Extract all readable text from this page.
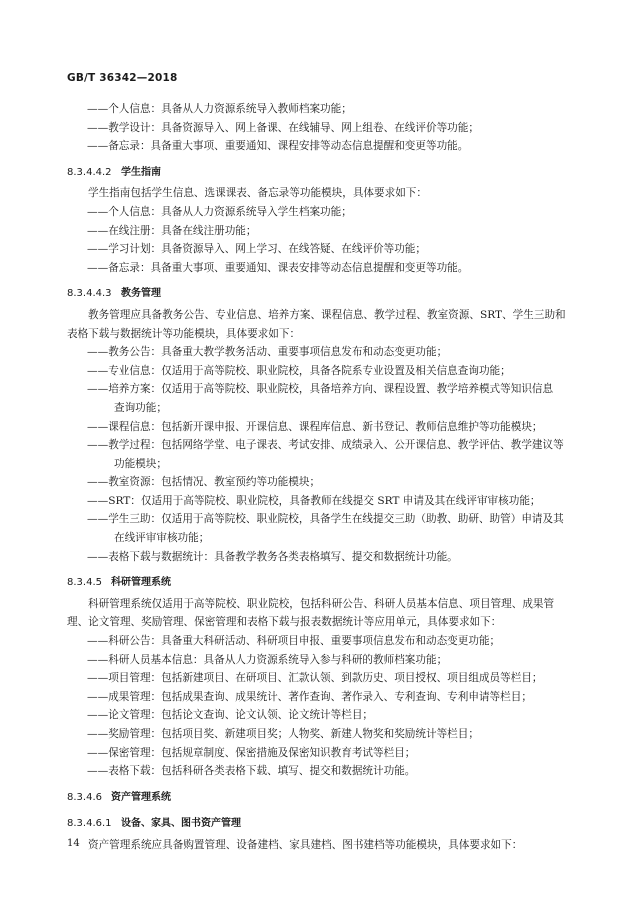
GB/T 36342—2018
——个人信息：具备从人力资源系统导入教师档案功能；
——教学设计：具备资源导入、网上备课、在线辅导、网上组卷、在线评价等功能；
——备忘录：具备重大事项、重要通知、课程安排等动态信息提醒和变更等功能。
8.3.4.4.2 学生指南
学生指南包括学生信息、选课课表、备忘录等功能模块，具体要求如下：
——个人信息：具备从人力资源系统导入学生档案功能；
——在线注册：具备在线注册功能；
——学习计划：具备资源导入、网上学习、在线答疑、在线评价等功能；
——备忘录：具备重大事项、重要通知、课表安排等动态信息提醒和变更等功能。
8.3.4.4.3 教务管理
教务管理应具备教务公告、专业信息、培养方案、课程信息、教学过程、教室资源、SRT、学生三助和
表格下载与数据统计等功能模块，具体要求如下：
——教务公告：具备重大教学教务活动、重要事项信息发布和动态变更功能；
——专业信息：仅适用于高等院校、职业院校，具备各院系专业设置及相关信息查询功能；
——培养方案：仅适用于高等院校、职业院校，具备培养方向、课程设置、教学培养模式等知识信息
查询功能；
——课程信息：包括新开课申报、开课信息、课程库信息、新书登记、教师信息维护等功能模块；
——教学过程：包括网络学堂、电子课表、考试安排、成绩录入、公开课信息、教学评估、教学建议等
功能模块；
——教室资源：包括情况、教室预约等功能模块；
——SRT：仅适用于高等院校、职业院校，具备教师在线提交 SRT 申请及其在线评审审核功能；
——学生三助：仅适用于高等院校、职业院校，具备学生在线提交三助（助教、助研、助管）申请及其
在线评审审核功能；
——表格下载与数据统计：具备教学教务各类表格填写、提交和数据统计功能。
8.3.4.5 科研管理系统
科研管理系统仅适用于高等院校、职业院校，包括科研公告、科研人员基本信息、项目管理、成果管
理、论文管理、奖励管理、保密管理和表格下载与报表数据统计等应用单元，具体要求如下：
——科研公告：具备重大科研活动、科研项目申报、重要事项信息发布和动态变更功能；
——科研人员基本信息：具备从人力资源系统导入参与科研的教师档案功能；
——项目管理：包括新建项目、在研项目、汇款认领、到款历史、项目授权、项目组成员等栏目；
——成果管理：包括成果查询、成果统计、著作查询、著作录入、专利查询、专利申请等栏目；
——论文管理：包括论文查询、论文认领、论文统计等栏目；
——奖励管理：包括项目奖、新建项目奖；人物奖、新建人物奖和奖励统计等栏目；
——保密管理：包括规章制度、保密措施及保密知识教育考试等栏目；
——表格下载：包括科研各类表格下载、填写、提交和数据统计功能。
8.3.4.6 资产管理系统
8.3.4.6.1 设备、家具、图书资产管理
资产管理系统应具备购置管理、设备建档、家具建档、图书建档等功能模块，具体要求如下：
14
